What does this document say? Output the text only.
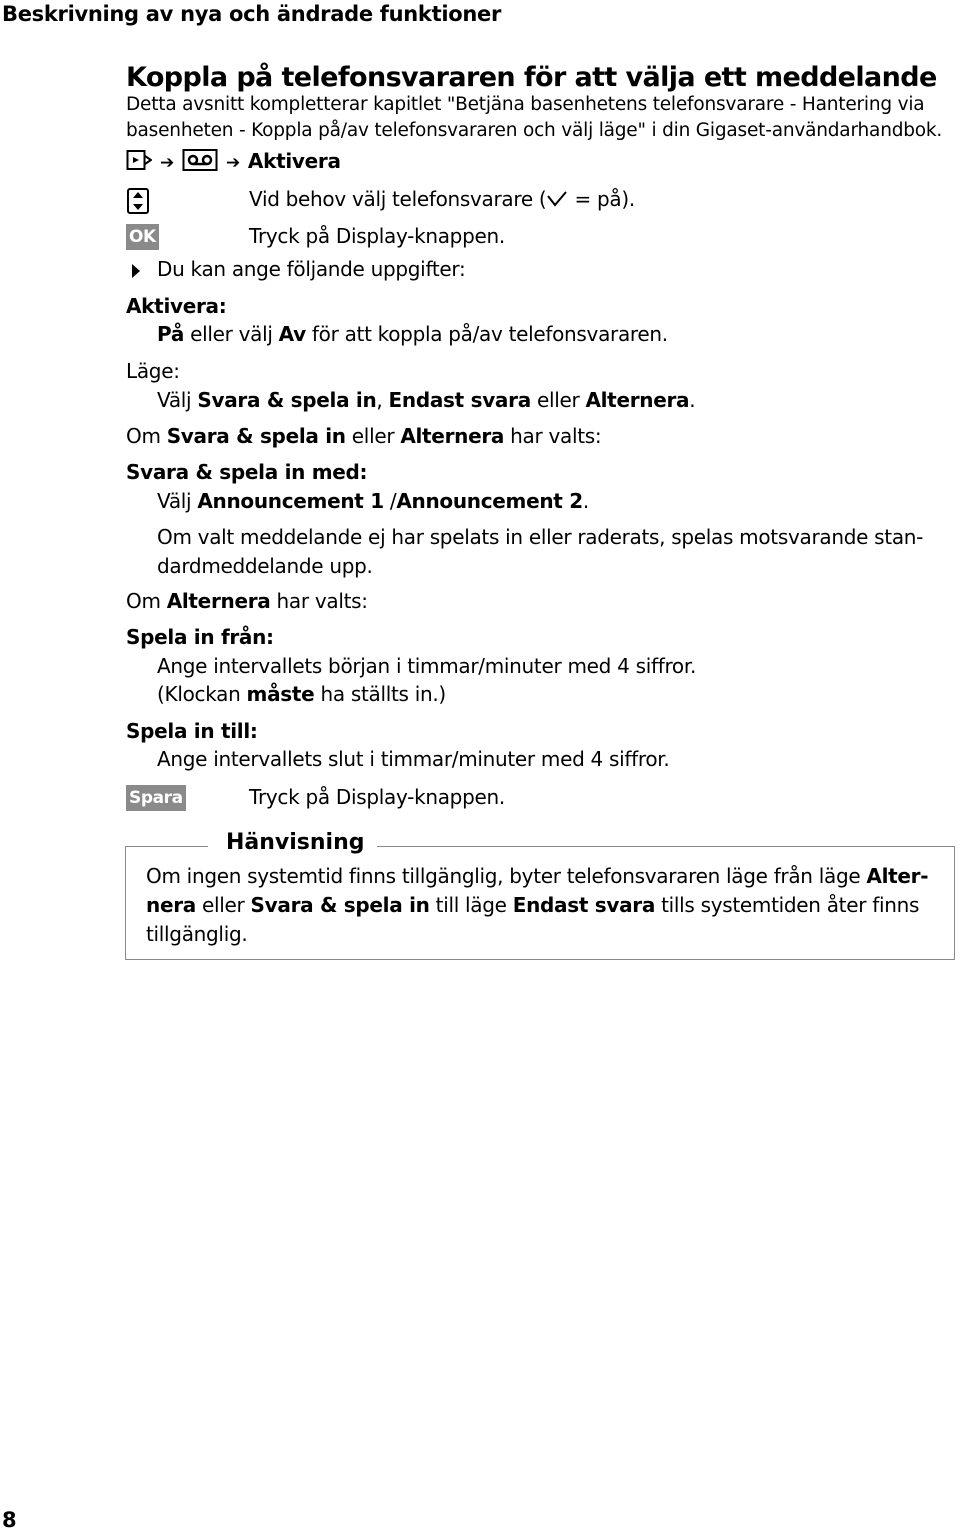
Beskrivning av nya och ändrade funktioner
Koppla på telefonsvararen för att välja ett meddelande
Detta avsnitt kompletterar kapitlet "Betjäna basenhetens telefonsvarare - Hantering via basenheten - Koppla på/av telefonsvararen och välj läge" i din Gigaset-användarhandbok.
➔	➔ Aktivera
Vid behov välj telefonsvarare ( = på).
OK	Tryck på Display-knappen.
Du kan ange följande uppgifter:
Aktivera:
På eller välj Av för att koppla på/av telefonsvararen.
Läge:
Välj Svara & spela in, Endast svara eller Alternera.
Om Svara & spela in eller Alternera har valts:
Svara & spela in med:
Välj Announcement 1 /Announcement 2.
Om valt meddelande ej har spelats in eller raderats, spelas motsvarande stan-dardmeddelande upp.
Om Alternera har valts:
Spela in från:
Ange intervallets början i timmar/minuter med 4 siffror.
(Klockan måste ha ställts in.)
Spela in till:
Ange intervallets slut i timmar/minuter med 4 siffror.
Spara	Tryck på Display-knappen.
Hänvisning
Om ingen systemtid finns tillgänglig, byter telefonsvararen läge från läge Alter-nera eller Svara & spela in till läge Endast svara tills systemtiden åter finns tillgänglig.
8
